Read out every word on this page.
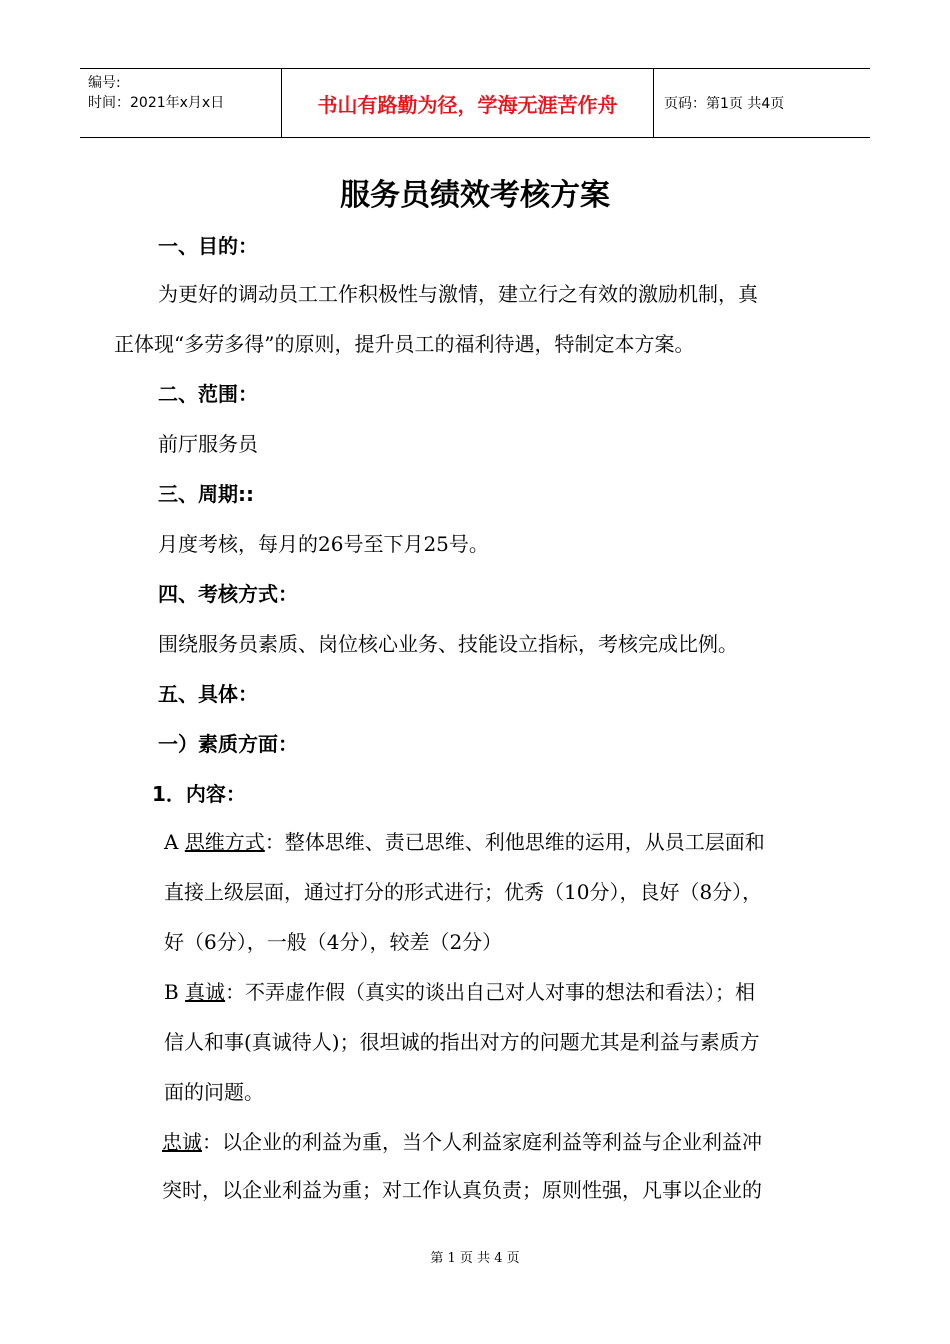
编号:
时间：2021年x月x日	书山有路勤为径，学海无涯苦作舟	页码：第1页 共4页
服务员绩效考核方案
一、目的：
为更好的调动员工工作积极性与激情，建立行之有效的激励机制，真
正体现“多劳多得”的原则，提升员工的福利待遇，特制定本方案。
二、范围：
前厅服务员
三、周期::
月度考核，每月的26号至下月25号。
四、考核方式：
围绕服务员素质、岗位核心业务、技能设立指标，考核完成比例。
五、具体：
一）素质方面：
1．内容：
A 思维方式：整体思维、责已思维、利他思维的运用，从员工层面和
直接上级层面，通过打分的形式进行；优秀（10分），良好（8分），
好（6分），一般（4分），较差（2分）
B 真诚：不弄虚作假（真实的谈出自己对人对事的想法和看法）；相
信人和事(真诚待人)；很坦诚的指出对方的问题尤其是利益与素质方
面的问题。
忠诚：以企业的利益为重，当个人利益家庭利益等利益与企业利益冲
突时，以企业利益为重；对工作认真负责；原则性强，凡事以企业的
第 1 页 共 4 页
